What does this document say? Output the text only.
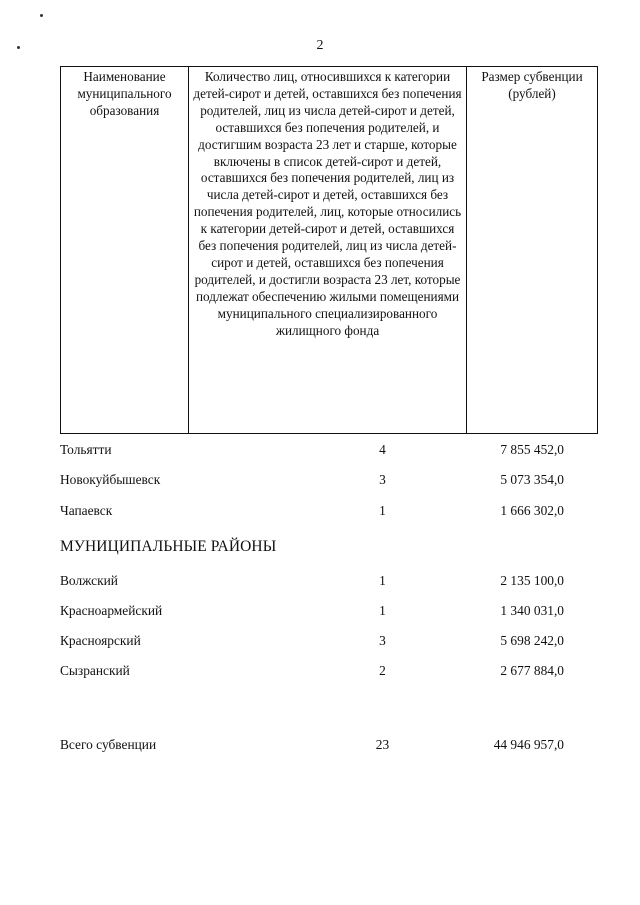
2
Наименование муниципального образования	Количество лиц, относившихся к категории детей-сирот и детей, оставшихся без попечения родителей, лиц из числа детей-сирот и детей, оставшихся без попечения родителей, и достигшим возраста 23 лет и старше, которые включены в список детей-сирот и детей, оставшихся без попечения родителей, лиц из числа детей-сирот и детей, оставшихся без попечения родителей, лиц, которые относились к категории детей-сирот и детей, оставшихся без попечения родителей, лиц из числа детей-сирот и детей, оставшихся без попечения родителей, и достигли возраста 23 лет, которые подлежат обеспечению жилыми помещениями муниципального специализированного жилищного фонда	Размер субвенции (рублей)
Тольятти	4	7 855 452,0
Новокуйбышевск	3	5 073 354,0
Чапаевск	1	1 666 302,0
МУНИЦИПАЛЬНЫЕ РАЙОНЫ
Волжский	1	2 135 100,0
Красноармейский	1	1 340 031,0
Красноярский	3	5 698 242,0
Сызранский	2	2 677 884,0
Всего субвенции	23	44 946 957,0
